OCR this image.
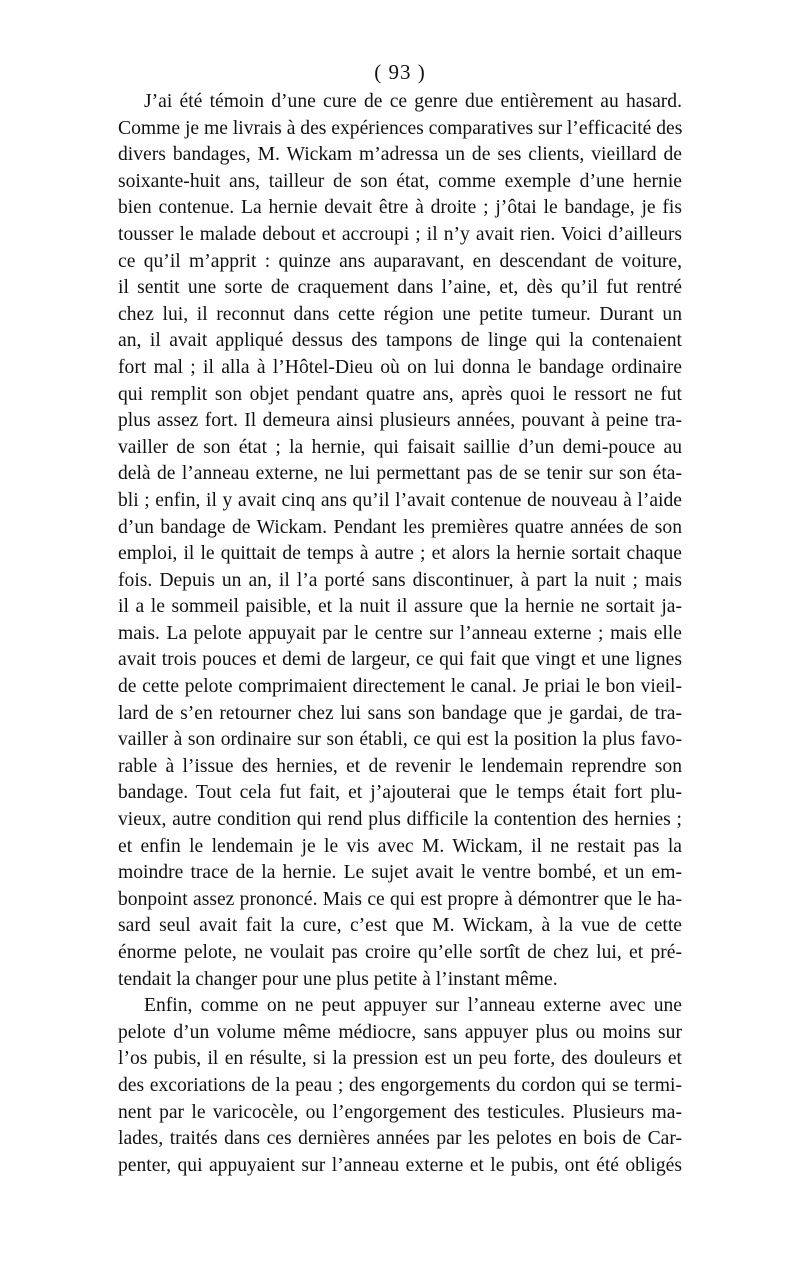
( 93 )
J’ai été témoin d’une cure de ce genre due entièrement au hasard.
Comme je me livrais à des expériences comparatives sur l’efficacité des
divers bandages, M. Wickam m’adressa un de ses clients, vieillard de
soixante-huit ans, tailleur de son état, comme exemple d’une hernie
bien contenue. La hernie devait être à droite ; j’ôtai le bandage, je fis
tousser le malade debout et accroupi ; il n’y avait rien. Voici d’ailleurs
ce qu’il m’apprit : quinze ans auparavant, en descendant de voiture,
il sentit une sorte de craquement dans l’aine, et, dès qu’il fut rentré
chez lui, il reconnut dans cette région une petite tumeur. Durant un
an, il avait appliqué dessus des tampons de linge qui la contenaient
fort mal ; il alla à l’Hôtel-Dieu où on lui donna le bandage ordinaire
qui remplit son objet pendant quatre ans, après quoi le ressort ne fut
plus assez fort. Il demeura ainsi plusieurs années, pouvant à peine tra-
vailler de son état ; la hernie, qui faisait saillie d’un demi-pouce au
delà de l’anneau externe, ne lui permettant pas de se tenir sur son éta-
bli ; enfin, il y avait cinq ans qu’il l’avait contenue de nouveau à l’aide
d’un bandage de Wickam. Pendant les premières quatre années de son
emploi, il le quittait de temps à autre ; et alors la hernie sortait chaque
fois. Depuis un an, il l’a porté sans discontinuer, à part la nuit ; mais
il a le sommeil paisible, et la nuit il assure que la hernie ne sortait ja-
mais. La pelote appuyait par le centre sur l’anneau externe ; mais elle
avait trois pouces et demi de largeur, ce qui fait que vingt et une lignes
de cette pelote comprimaient directement le canal. Je priai le bon vieil-
lard de s’en retourner chez lui sans son bandage que je gardai, de tra-
vailler à son ordinaire sur son établi, ce qui est la position la plus favo-
rable à l’issue des hernies, et de revenir le lendemain reprendre son
bandage. Tout cela fut fait, et j’ajouterai que le temps était fort plu-
vieux, autre condition qui rend plus difficile la contention des hernies ;
et enfin le lendemain je le vis avec M. Wickam, il ne restait pas la
moindre trace de la hernie. Le sujet avait le ventre bombé, et un em-
bonpoint assez prononcé. Mais ce qui est propre à démontrer que le ha-
sard seul avait fait la cure, c’est que M. Wickam, à la vue de cette
énorme pelote, ne voulait pas croire qu’elle sortît de chez lui, et pré-
tendait la changer pour une plus petite à l’instant même.
Enfin, comme on ne peut appuyer sur l’anneau externe avec une
pelote d’un volume même médiocre, sans appuyer plus ou moins sur
l’os pubis, il en résulte, si la pression est un peu forte, des douleurs et
des excoriations de la peau ; des engorgements du cordon qui se termi-
nent par le varicocèle, ou l’engorgement des testicules. Plusieurs ma-
lades, traités dans ces dernières années par les pelotes en bois de Car-
penter, qui appuyaient sur l’anneau externe et le pubis, ont été obligés
